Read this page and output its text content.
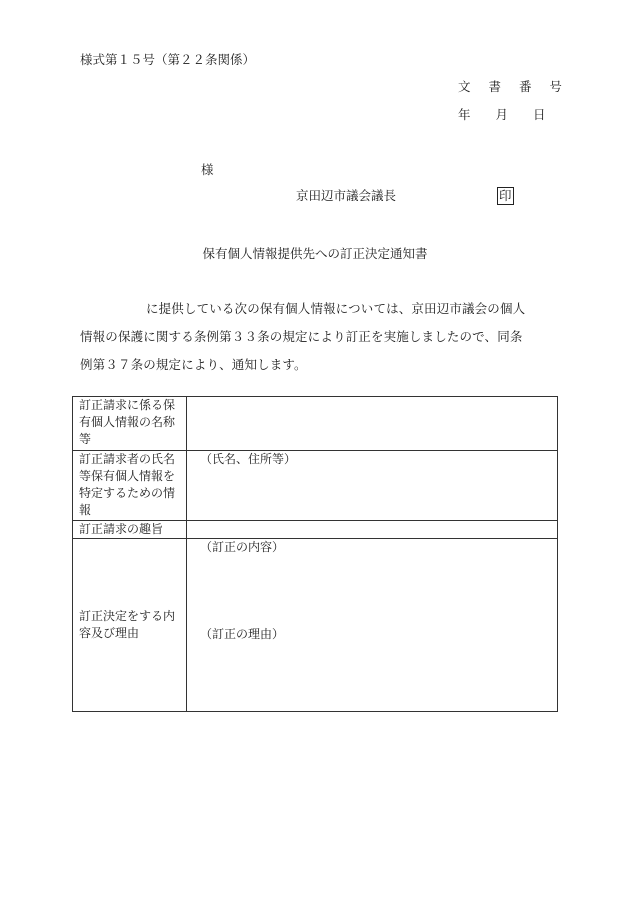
様式第１５号（第２２条関係）
文 書 番 号
年　　月　　日
様
京田辺市議会議長	印
保有個人情報提供先への訂正決定通知書
に提供している次の保有個人情報については、京田辺市議会の個人
情報の保護に関する条例第３３条の規定により訂正を実施しましたので、同条
例第３７条の規定により、通知します。
訂正請求に係る保有個人情報の名称等	
訂正請求者の氏名等保有個人情報を特定するための情報	（氏名、住所等）
訂正請求の趣旨	
訂正決定をする内容及び理由	（訂正の内容）
（訂正の理由）
